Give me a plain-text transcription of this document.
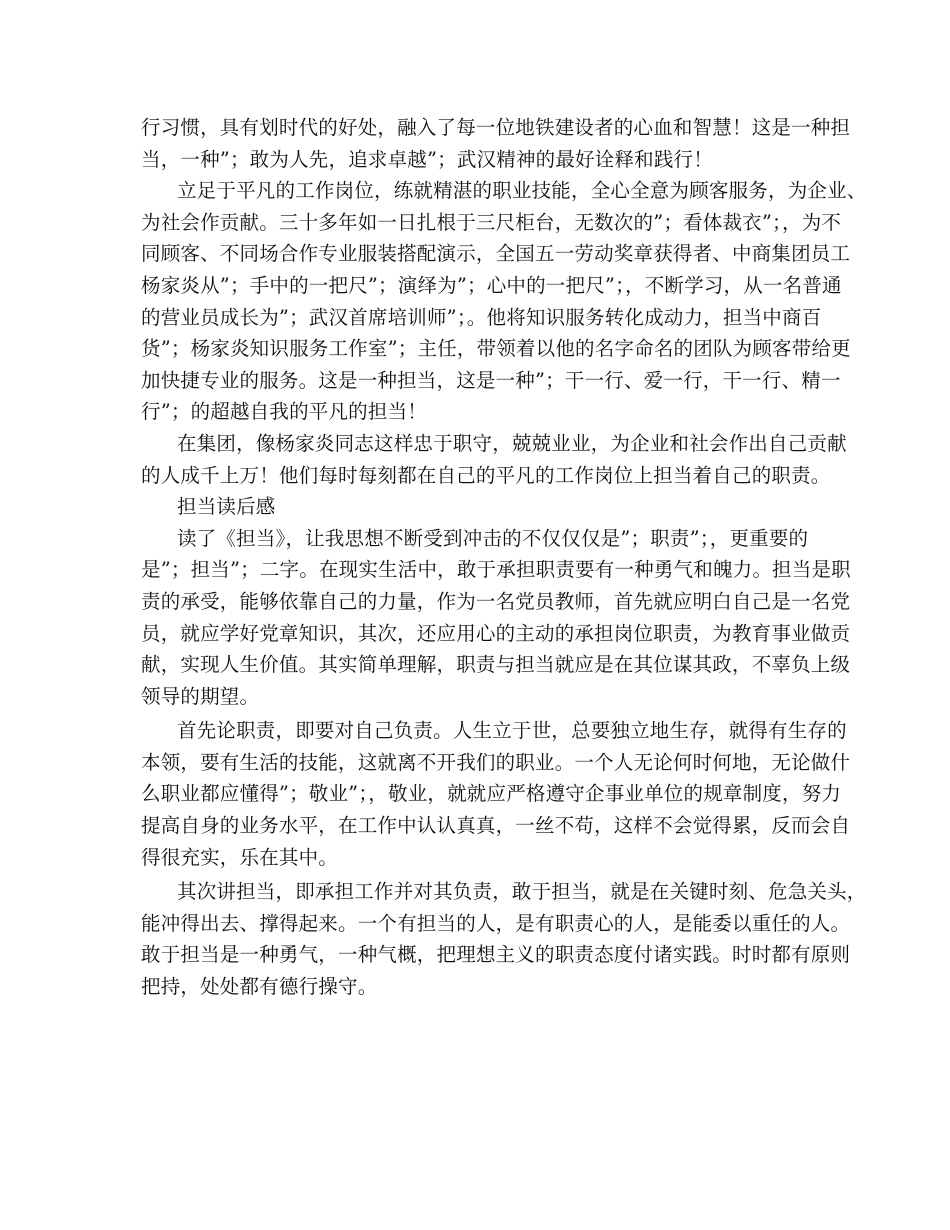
行习惯，具有划时代的好处，融入了每一位地铁建设者的心血和智慧！这是一种担
当，一种”；敢为人先，追求卓越”；武汉精神的最好诠释和践行！
立足于平凡的工作岗位，练就精湛的职业技能，全心全意为顾客服务，为企业、
为社会作贡献。三十多年如一日扎根于三尺柜台，无数次的”；看体裁衣”；，为不
同顾客、不同场合作专业服装搭配演示，全国五一劳动奖章获得者、中商集团员工
杨家炎从”；手中的一把尺”；演绎为”；心中的一把尺”；，不断学习，从一名普通
的营业员成长为”；武汉首席培训师”；。他将知识服务转化成动力，担当中商百
货”；杨家炎知识服务工作室”；主任，带领着以他的名字命名的团队为顾客带给更
加快捷专业的服务。这是一种担当，这是一种”；干一行、爱一行，干一行、精一
行”；的超越自我的平凡的担当！
在集团，像杨家炎同志这样忠于职守，兢兢业业，为企业和社会作出自己贡献
的人成千上万！他们每时每刻都在自己的平凡的工作岗位上担当着自己的职责。
担当读后感
读了《担当》，让我思想不断受到冲击的不仅仅仅是”；职责”；，更重要的
是”；担当”；二字。在现实生活中，敢于承担职责要有一种勇气和魄力。担当是职
责的承受，能够依靠自己的力量，作为一名党员教师，首先就应明白自己是一名党
员，就应学好党章知识，其次，还应用心的主动的承担岗位职责，为教育事业做贡
献，实现人生价值。其实简单理解，职责与担当就应是在其位谋其政，不辜负上级
领导的期望。
首先论职责，即要对自己负责。人生立于世，总要独立地生存，就得有生存的
本领，要有生活的技能，这就离不开我们的职业。一个人无论何时何地，无论做什
么职业都应懂得”；敬业”；，敬业，就就应严格遵守企事业单位的规章制度，努力
提高自身的业务水平，在工作中认认真真，一丝不苟，这样不会觉得累，反而会自
得很充实，乐在其中。
其次讲担当，即承担工作并对其负责，敢于担当，就是在关键时刻、危急关头，
能冲得出去、撑得起来。一个有担当的人，是有职责心的人，是能委以重任的人。
敢于担当是一种勇气，一种气概，把理想主义的职责态度付诸实践。时时都有原则
把持，处处都有德行操守。
